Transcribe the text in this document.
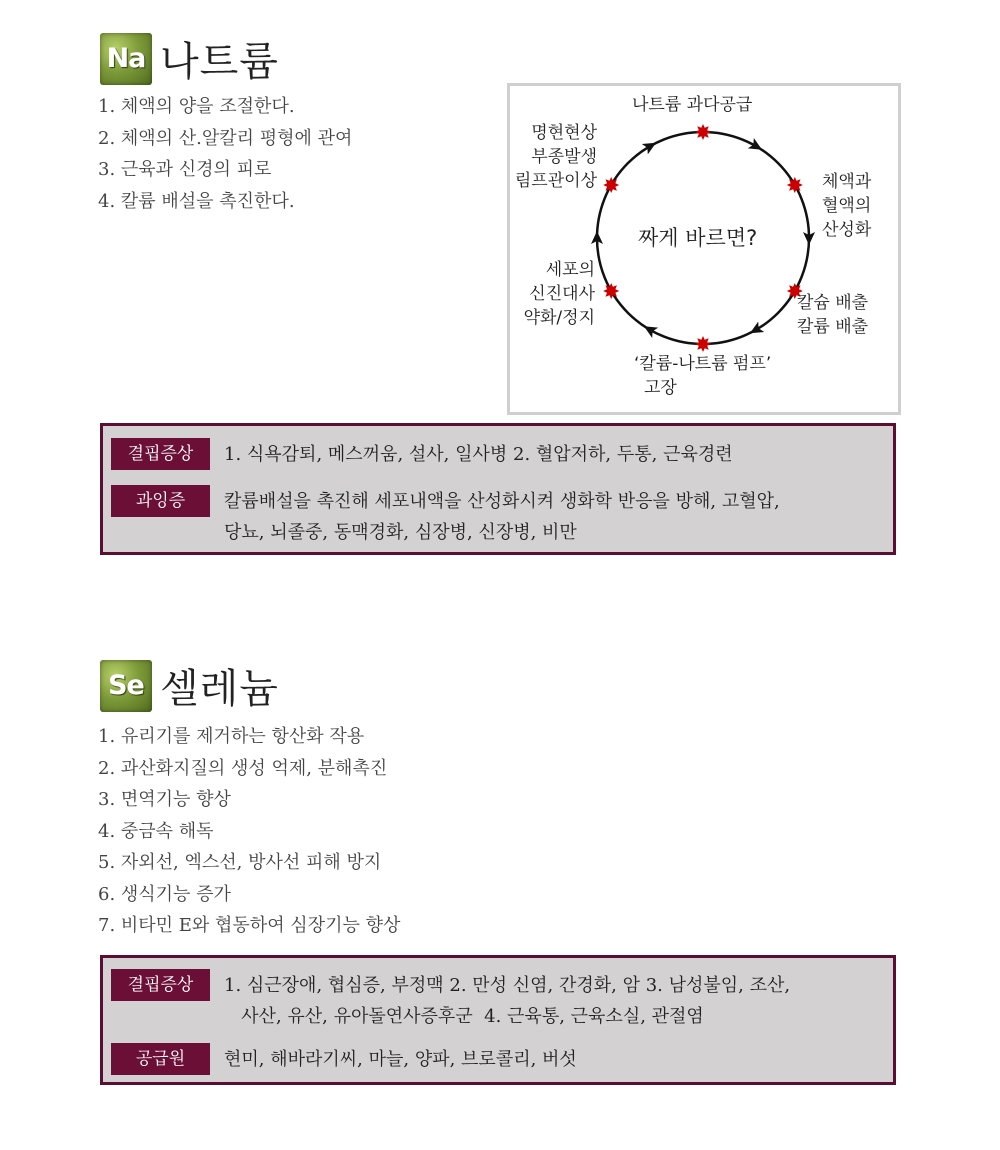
Na 나트륨
1. 체액의 양을 조절한다.
2. 체액의 산.알칼리 평형에 관여
3. 근육과 신경의 피로
4. 칼륨 배설을 촉진한다.
짜게 바르면?
나트륨 과다공급
체액과
혈액의
산성화
칼슘 배출
칼륨 배출
‘칼륨-나트륨 펌프’
고장
세포의
신진대사
약화/정지
명현현상
부종발생
림프관이상
결핍증상	1. 식욕감퇴, 메스꺼움, 설사, 일사병 2. 혈압저하, 두통, 근육경련
과잉증	칼륨배설을 촉진해 세포내액을 산성화시켜 생화학 반응을 방해, 고혈압,
당뇨, 뇌졸중, 동맥경화, 심장병, 신장병, 비만
Se 셀레늄
1. 유리기를 제거하는 항산화 작용
2. 과산화지질의 생성 억제, 분해촉진
3. 면역기능 향상
4. 중금속 해독
5. 자외선, 엑스선, 방사선 피해 방지
6. 생식기능 증가
7. 비타민 E와 협동하여 심장기능 향상
결핍증상	1. 심근장애, 협심증, 부정맥 2. 만성 신염, 간경화, 암 3. 남성불임, 조산,
사산, 유산, 유아돌연사증후군  4. 근육통, 근육소실, 관절염
공급원	현미, 해바라기씨, 마늘, 양파, 브로콜리, 버섯
